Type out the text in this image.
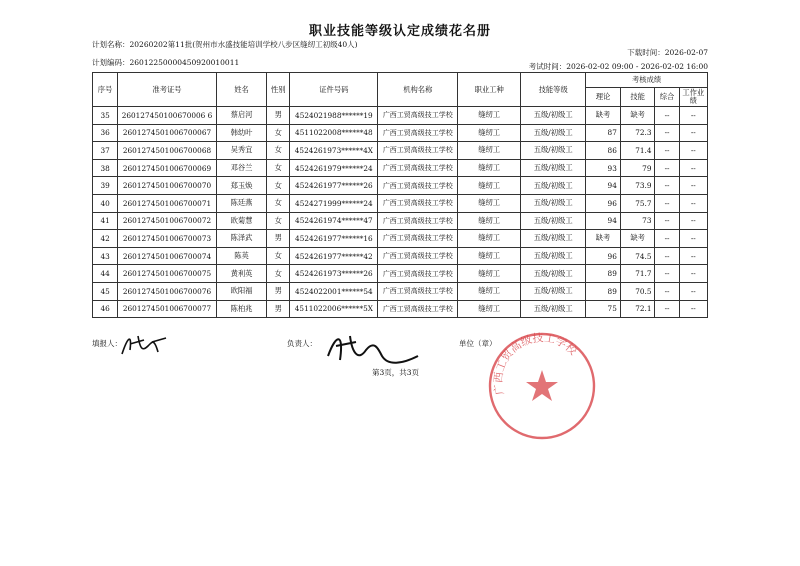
职业技能等级认定成绩花名册
计划名称：20260202第11批(贺州市水盛技能培训学校八步区缝纫工初级40人)
下载时间：2026-02-07
计划编码：26012250000450920010011	考试时间：2026-02-02 09:00 - 2026-02-02 16:00
序号	准考证号	姓名	性别	证件号码	机构名称	职业工种	技能等级	考核成绩			
								理论	技能	综合	工作业绩
35	260127450100670006 6	蔡启河	男	4524021988******19	广西工贸高级技工学校	缝纫工	五级/初级工	缺考	缺考	--	--
36	2601274501006700067	韩幼叶	女	4511022008******48	广西工贸高级技工学校	缝纫工	五级/初级工	87	72.3	--	--
37	2601274501006700068	吴秀宜	女	4524261973******4X	广西工贸高级技工学校	缝纫工	五级/初级工	86	71.4	--	--
38	2601274501006700069	邓谷兰	女	4524261979******24	广西工贸高级技工学校	缝纫工	五级/初级工	93	79	--	--
39	2601274501006700070	郑玉焕	女	4524261977******26	广西工贸高级技工学校	缝纫工	五级/初级工	94	73.9	--	--
40	2601274501006700071	陈廷燕	女	4524271999******24	广西工贸高级技工学校	缝纫工	五级/初级工	96	75.7	--	--
41	2601274501006700072	欧菊慧	女	4524261974******47	广西工贸高级技工学校	缝纫工	五级/初级工	94	73	--	--
42	2601274501006700073	陈泽武	男	4524261977******16	广西工贸高级技工学校	缝纫工	五级/初级工	缺考	缺考	--	--
43	2601274501006700074	陈英	女	4524261977******42	广西工贸高级技工学校	缝纫工	五级/初级工	96	74.5	--	--
44	2601274501006700075	黄利英	女	4524261973******26	广西工贸高级技工学校	缝纫工	五级/初级工	89	71.7	--	--
45	2601274501006700076	欧阳福	男	4524022001******54	广西工贸高级技工学校	缝纫工	五级/初级工	89	70.5	--	--
46	2601274501006700077	陈柏兆	男	4511022006******5X	广西工贸高级技工学校	缝纫工	五级/初级工	75	72.1	--	--
填报人：	负责人：	单位（章）
第3页，共3页
广西工贸高级技工学校
